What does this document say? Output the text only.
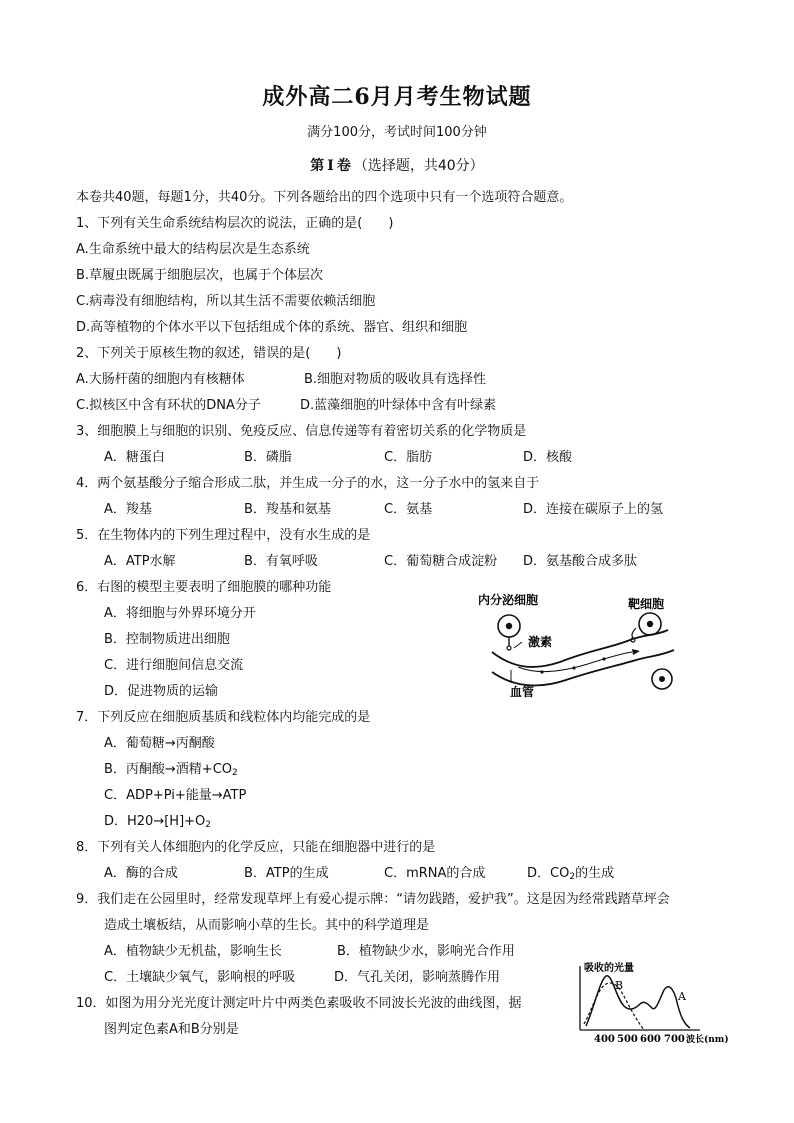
成外高二6月月考生物试题
满分100分，考试时间100分钟
第Ⅰ卷（选择题，共40分）
本卷共40题，每题1分，共40分。下列各题给出的四个选项中只有一个选项符合题意。
1、下列有关生命系统结构层次的说法，正确的是(　　)
A.生命系统中最大的结构层次是生态系统
B.草履虫既属于细胞层次，也属于个体层次
C.病毒没有细胞结构，所以其生活不需要依赖活细胞
D.高等植物的个体水平以下包括组成个体的系统、器官、组织和细胞
2、下列关于原核生物的叙述，错误的是(　　)
A.大肠杆菌的细胞内有核糖体	B.细胞对物质的吸收具有选择性
C.拟核区中含有环状的DNA分子	D.蓝藻细胞的叶绿体中含有叶绿素
3、细胞膜上与细胞的识别、免疫反应、信息传递等有着密切关系的化学物质是
A．糖蛋白	B．磷脂	C．脂肪	D．核酸
4．两个氨基酸分子缩合形成二肽，并生成一分子的水，这一分子水中的氢来自于
A．羧基	B．羧基和氨基	C．氨基	D．连接在碳原子上的氢
5．在生物体内的下列生理过程中，没有水生成的是
A．ATP水解	B．有氧呼吸	C．葡萄糖合成淀粉 D．氨基酸合成多肽
6．右图的模型主要表明了细胞膜的哪种功能
A．将细胞与外界环境分开
B．控制物质进出细胞
C．进行细胞间信息交流
D．促进物质的运输
内分泌细胞	靶细胞
激素
血管
7．下列反应在细胞质基质和线粒体内均能完成的是
A．葡萄糖→丙酮酸
B．丙酮酸→酒精$+CO_2$
C．ADP+Pi+能量→ATP
D．$H20\to[H]+O_2$
8．下列有关人体细胞内的化学反应，只能在细胞器中进行的是
A．酶的合成	B．ATP的生成	C．mRNA的合成	D．$CO_2$的生成
9．我们走在公园里时，经常发现草坪上有爱心提示牌：“请勿践踏，爱护我”。这是因为经常践踏草坪会
造成土壤板结，从而影响小草的生长。其中的科学道理是
A．植物缺少无机盐，影响生长	B．植物缺少水，影响光合作用
C．土壤缺少氧气，影响根的呼吸	D．气孔关闭，影响蒸腾作用
10．如图为用分光光度计测定叶片中两类色素吸收不同波长光波的曲线图，据
图判定色素A和B分别是
吸收的光量
A
B
400 500 600 700 波长(nm)
